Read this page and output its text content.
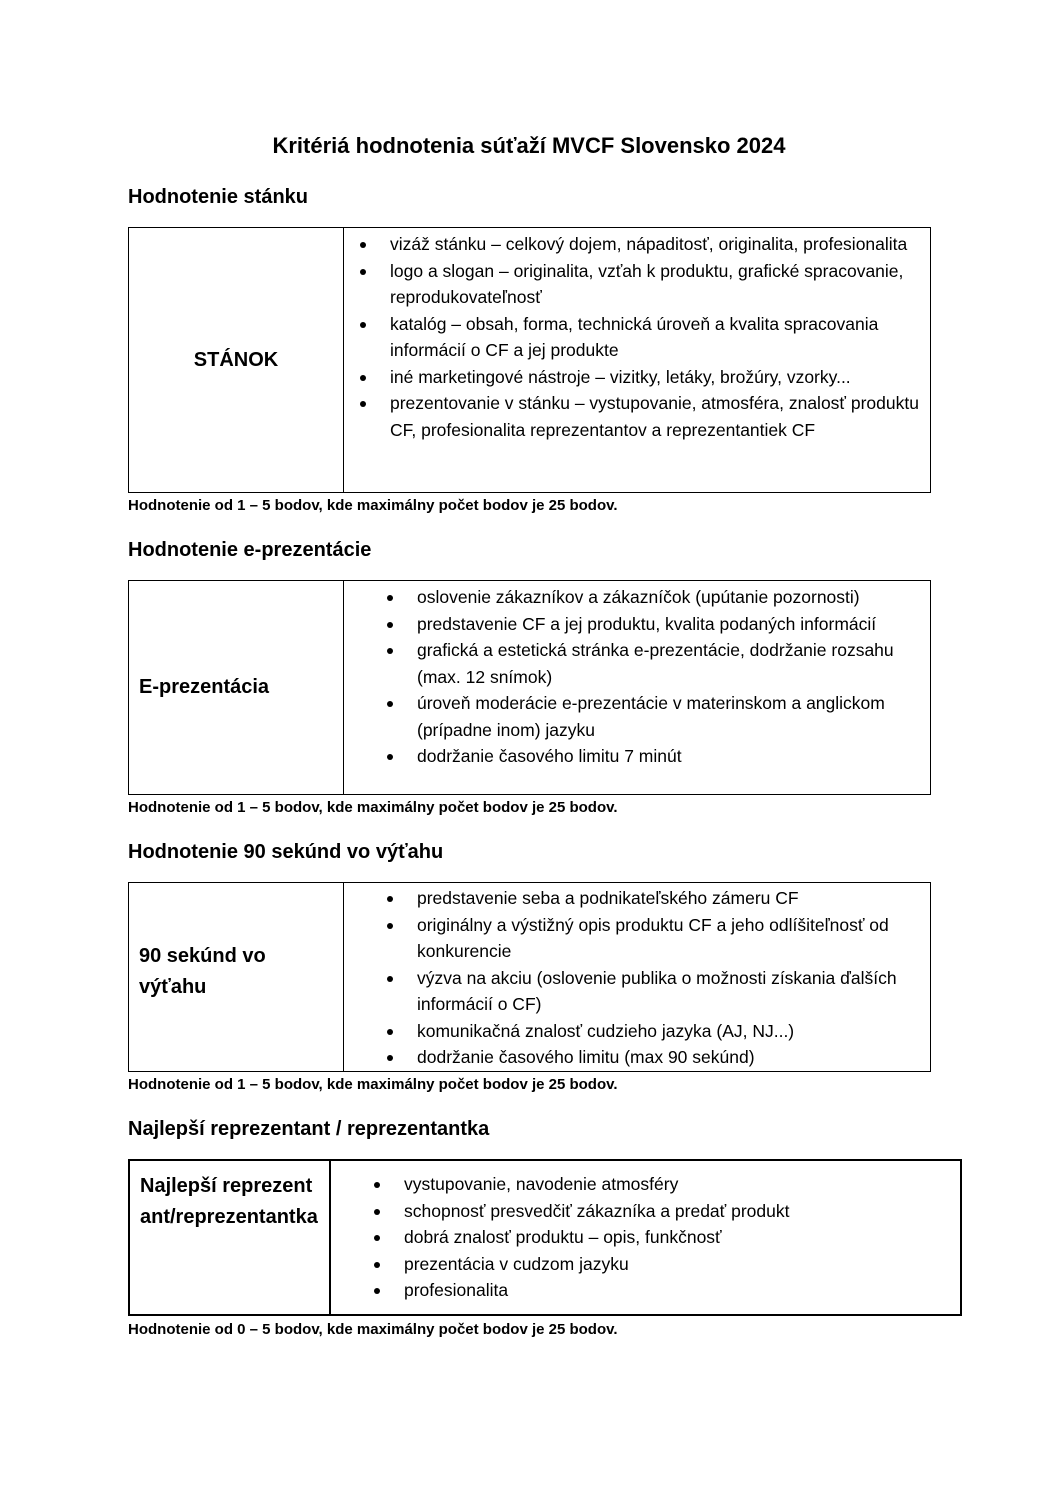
Kritériá hodnotenia súťaží MVCF Slovensko 2024
Hodnotenie stánku
STÁNOK
vizáž stánku – celkový dojem, nápaditosť, originalita, profesionalita
logo a slogan – originalita, vzťah k produktu, grafické spracovanie, reprodukovateľnosť
katalóg – obsah, forma, technická úroveň a kvalita spracovania informácií o CF a jej produkte
iné marketingové nástroje – vizitky, letáky, brožúry, vzorky...
prezentovanie v stánku – vystupovanie, atmosféra, znalosť produktu CF, profesionalita reprezentantov a reprezentantiek CF
Hodnotenie od 1 – 5 bodov, kde maximálny počet bodov je 25 bodov.
Hodnotenie e-prezentácie
E-prezentácia
oslovenie zákazníkov a zákazníčok (upútanie pozornosti)
predstavenie CF a jej produktu, kvalita podaných informácií
grafická a estetická stránka e-prezentácie, dodržanie rozsahu (max. 12 snímok)
úroveň moderácie e-prezentácie v materinskom a anglickom (prípadne inom) jazyku
dodržanie časového limitu 7 minút
Hodnotenie od 1 – 5 bodov, kde maximálny počet bodov je 25 bodov.
Hodnotenie 90 sekúnd vo výťahu
90 sekúnd vo výťahu
predstavenie seba a podnikateľského zámeru CF
originálny a výstižný opis produktu CF a jeho odlíšiteľnosť od konkurencie
výzva na akciu (oslovenie publika o možnosti získania ďalších informácií o CF)
komunikačná znalosť cudzieho jazyka (AJ, NJ...)
dodržanie časového limitu (max 90 sekúnd)
Hodnotenie od 1 – 5 bodov, kde maximálny počet bodov je 25 bodov.
Najlepší reprezentant / reprezentantka
Najlepší reprezentant/reprezentantka
vystupovanie, navodenie atmosféry
schopnosť presvedčiť zákazníka a predať produkt
dobrá znalosť produktu – opis, funkčnosť
prezentácia v cudzom jazyku
profesionalita
Hodnotenie od 0 – 5 bodov, kde maximálny počet bodov je 25 bodov.
